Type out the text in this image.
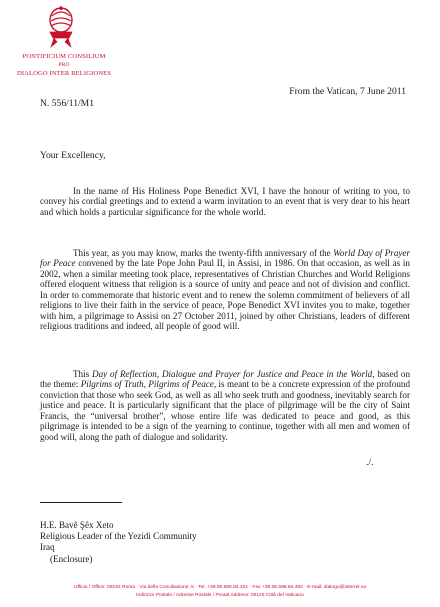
PONTIFICIUM CONSILIUM
PRO
DIALOGO INTER RELIGIONES
From the Vatican, 7 June 2011
N. 556/11/M1
Your Excellency,

In the name of His Holiness Pope Benedict XVI, I have the honour of writing to you, to convey his cordial greetings and to extend a warm invitation to an event that is very dear to his heart and which holds a particular significance for the whole world.

This year, as you may know, marks the twenty-fifth anniversary of the World Day of Prayer for Peace convened by the late Pope John Paul II, in Assisi, in 1986. On that occasion, as well as in 2002, when a similar meeting took place, representatives of Christian Churches and World Religions offered eloquent witness that religion is a source of unity and peace and not of division and conflict. In order to commemorate that historic event and to renew the solemn commitment of believers of all religions to live their faith in the service of peace, Pope Benedict XVI invites you to make, together with him, a pilgrimage to Assisi on 27 October 2011, joined by other Christians, leaders of different religious traditions and indeed, all people of good will.

This Day of Reflection, Dialogue and Prayer for Justice and Peace in the World, based on the theme: Pilgrims of Truth, Pilgrims of Peace, is meant to be a concrete expression of the profound conviction that those who seek God, as well as all who seek truth and goodness, inevitably search for justice and peace. It is particularly significant that the place of pilgrimage will be the city of Saint Francis, the “universal brother”, whose entire life was dedicated to peace and good, as this pilgrimage is intended to be a sign of the yearning to continue, together with all men and women of good will, along the path of dialogue and solidarity.

./.
H.E. Bavê Şêx Xeto
Religious Leader of the Yezidi Community
Iraq
(Enclosure)
Ufficio / Office: 00193 Roma · Via della Conciliazione, 5 · Tel. +39.06.698.84.321 · Fax +39.06.698.84.494 · E-mail: dialogo@interrel.va
Indirizzo Postale / Adresse Postale / Postal Address: 00120 Città del Vaticano
